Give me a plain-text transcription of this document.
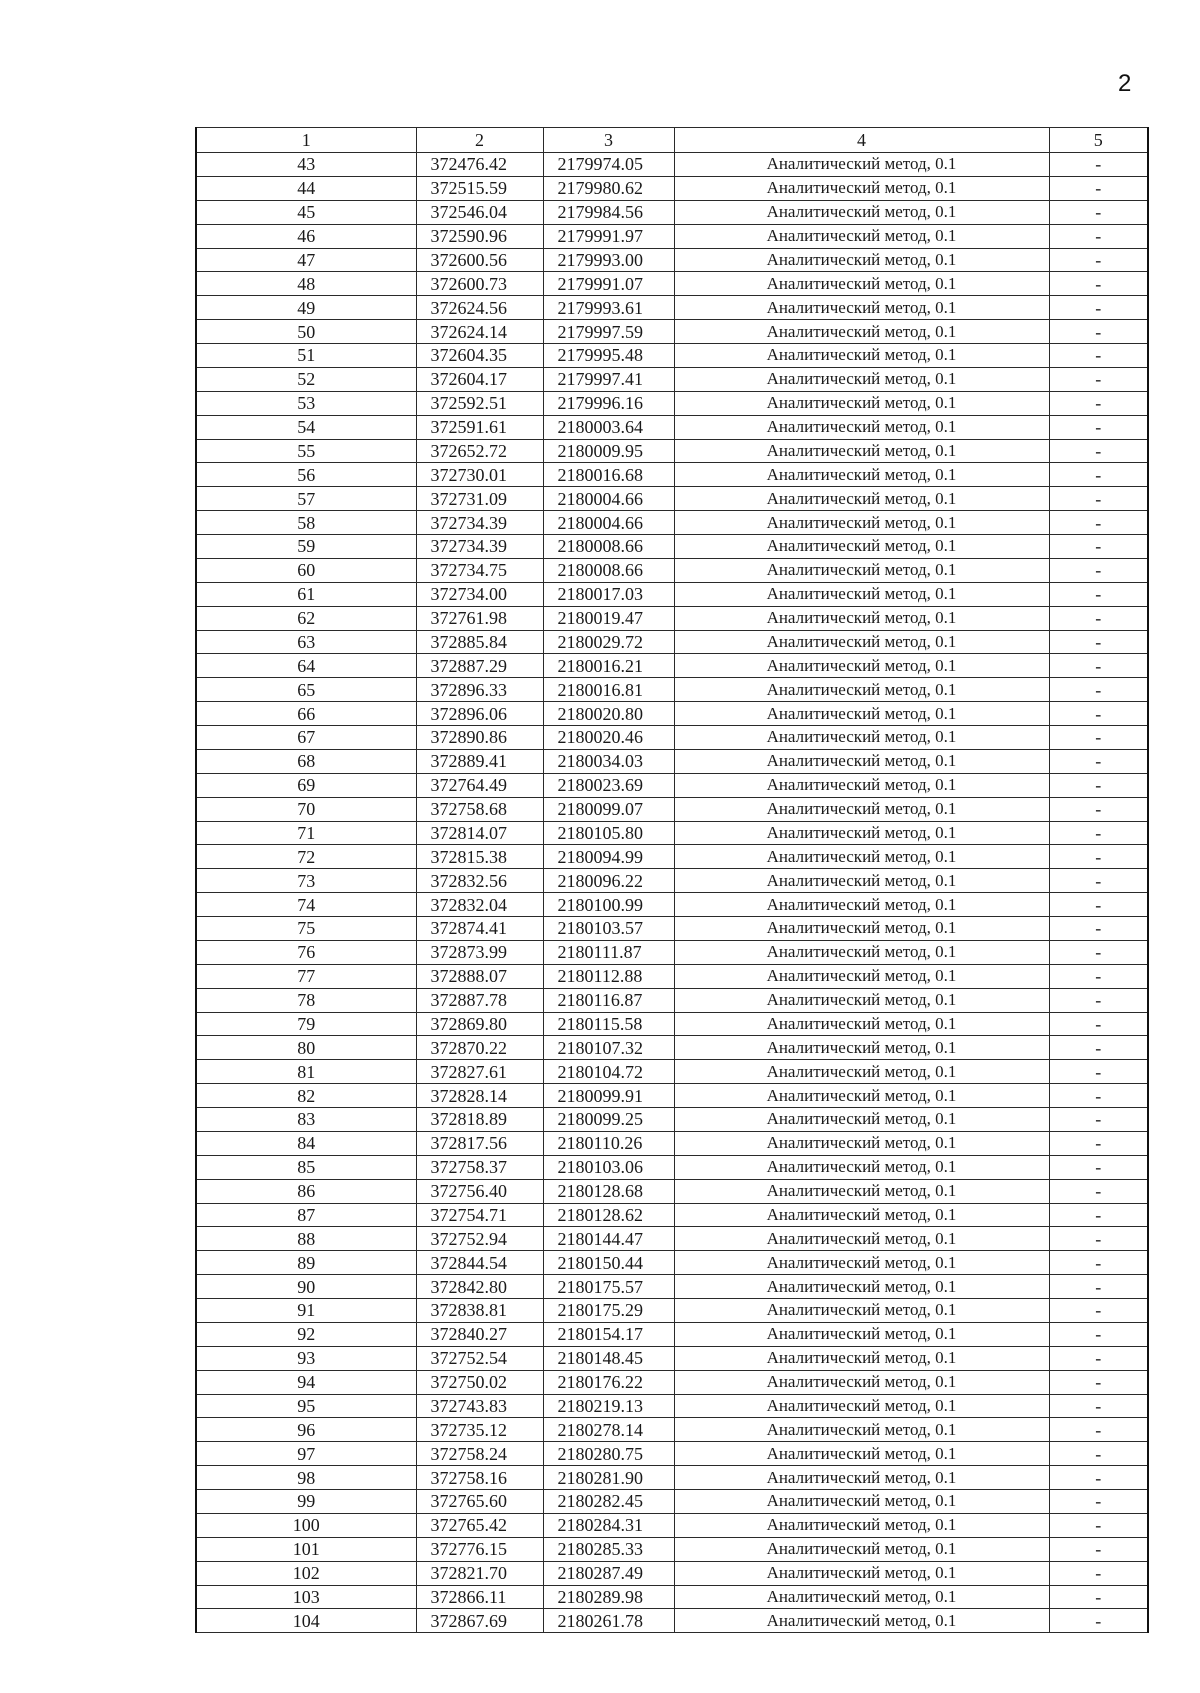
2
1	2	3	4	5
43	372476.42	2179974.05	Аналитический метод, 0.1	-
44	372515.59	2179980.62	Аналитический метод, 0.1	-
45	372546.04	2179984.56	Аналитический метод, 0.1	-
46	372590.96	2179991.97	Аналитический метод, 0.1	-
47	372600.56	2179993.00	Аналитический метод, 0.1	-
48	372600.73	2179991.07	Аналитический метод, 0.1	-
49	372624.56	2179993.61	Аналитический метод, 0.1	-
50	372624.14	2179997.59	Аналитический метод, 0.1	-
51	372604.35	2179995.48	Аналитический метод, 0.1	-
52	372604.17	2179997.41	Аналитический метод, 0.1	-
53	372592.51	2179996.16	Аналитический метод, 0.1	-
54	372591.61	2180003.64	Аналитический метод, 0.1	-
55	372652.72	2180009.95	Аналитический метод, 0.1	-
56	372730.01	2180016.68	Аналитический метод, 0.1	-
57	372731.09	2180004.66	Аналитический метод, 0.1	-
58	372734.39	2180004.66	Аналитический метод, 0.1	-
59	372734.39	2180008.66	Аналитический метод, 0.1	-
60	372734.75	2180008.66	Аналитический метод, 0.1	-
61	372734.00	2180017.03	Аналитический метод, 0.1	-
62	372761.98	2180019.47	Аналитический метод, 0.1	-
63	372885.84	2180029.72	Аналитический метод, 0.1	-
64	372887.29	2180016.21	Аналитический метод, 0.1	-
65	372896.33	2180016.81	Аналитический метод, 0.1	-
66	372896.06	2180020.80	Аналитический метод, 0.1	-
67	372890.86	2180020.46	Аналитический метод, 0.1	-
68	372889.41	2180034.03	Аналитический метод, 0.1	-
69	372764.49	2180023.69	Аналитический метод, 0.1	-
70	372758.68	2180099.07	Аналитический метод, 0.1	-
71	372814.07	2180105.80	Аналитический метод, 0.1	-
72	372815.38	2180094.99	Аналитический метод, 0.1	-
73	372832.56	2180096.22	Аналитический метод, 0.1	-
74	372832.04	2180100.99	Аналитический метод, 0.1	-
75	372874.41	2180103.57	Аналитический метод, 0.1	-
76	372873.99	2180111.87	Аналитический метод, 0.1	-
77	372888.07	2180112.88	Аналитический метод, 0.1	-
78	372887.78	2180116.87	Аналитический метод, 0.1	-
79	372869.80	2180115.58	Аналитический метод, 0.1	-
80	372870.22	2180107.32	Аналитический метод, 0.1	-
81	372827.61	2180104.72	Аналитический метод, 0.1	-
82	372828.14	2180099.91	Аналитический метод, 0.1	-
83	372818.89	2180099.25	Аналитический метод, 0.1	-
84	372817.56	2180110.26	Аналитический метод, 0.1	-
85	372758.37	2180103.06	Аналитический метод, 0.1	-
86	372756.40	2180128.68	Аналитический метод, 0.1	-
87	372754.71	2180128.62	Аналитический метод, 0.1	-
88	372752.94	2180144.47	Аналитический метод, 0.1	-
89	372844.54	2180150.44	Аналитический метод, 0.1	-
90	372842.80	2180175.57	Аналитический метод, 0.1	-
91	372838.81	2180175.29	Аналитический метод, 0.1	-
92	372840.27	2180154.17	Аналитический метод, 0.1	-
93	372752.54	2180148.45	Аналитический метод, 0.1	-
94	372750.02	2180176.22	Аналитический метод, 0.1	-
95	372743.83	2180219.13	Аналитический метод, 0.1	-
96	372735.12	2180278.14	Аналитический метод, 0.1	-
97	372758.24	2180280.75	Аналитический метод, 0.1	-
98	372758.16	2180281.90	Аналитический метод, 0.1	-
99	372765.60	2180282.45	Аналитический метод, 0.1	-
100	372765.42	2180284.31	Аналитический метод, 0.1	-
101	372776.15	2180285.33	Аналитический метод, 0.1	-
102	372821.70	2180287.49	Аналитический метод, 0.1	-
103	372866.11	2180289.98	Аналитический метод, 0.1	-
104	372867.69	2180261.78	Аналитический метод, 0.1	-
